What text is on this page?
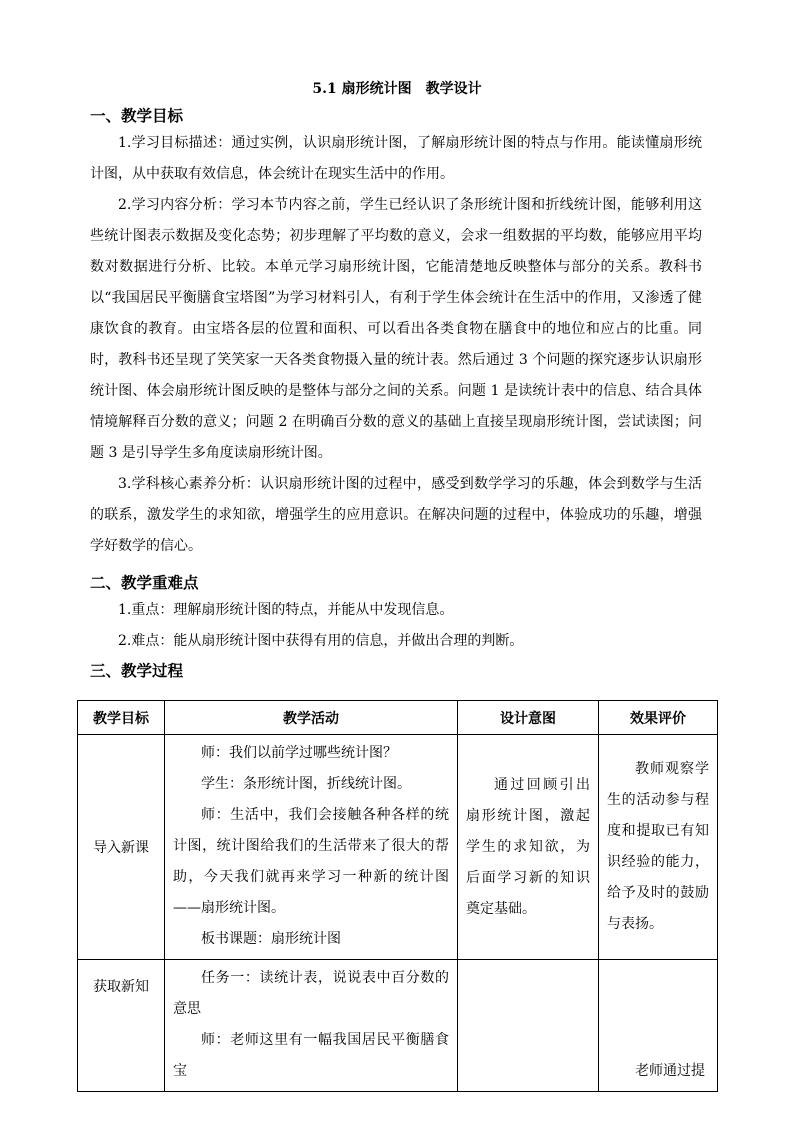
5.1 扇形统计图　教学设计
一、教学目标

1.学习目标描述：通过实例，认识扇形统计图，了解扇形统计图的特点与作用。能读懂扇形统计图，从中获取有效信息，体会统计在现实生活中的作用。

2.学习内容分析：学习本节内容之前，学生已经认识了条形统计图和折线统计图，能够利用这些统计图表示数据及变化态势；初步理解了平均数的意义，会求一组数据的平均数，能够应用平均数对数据进行分析、比较。本单元学习扇形统计图，它能清楚地反映整体与部分的关系。教科书以“我国居民平衡膳食宝塔图”为学习材料引人，有利于学生体会统计在生活中的作用，又渗透了健康饮食的教育。由宝塔各层的位置和面积、可以看出各类食物在膳食中的地位和应占的比重。同时，教科书还呈现了笑笑家一天各类食物摄入量的统计表。然后通过 3 个问题的探究逐步认识扇形统计图、体会扇形统计图反映的是整体与部分之间的关系。问题 1 是读统计表中的信息、结合具体情境解释百分数的意义；问题 2 在明确百分数的意义的基础上直接呈现扇形统计图，尝试读图；问题 3 是引导学生多角度读扇形统计图。

3.学科核心素养分析：认识扇形统计图的过程中，感受到数学学习的乐趣，体会到数学与生活的联系，激发学生的求知欲，增强学生的应用意识。在解决问题的过程中，体验成功的乐趣，增强学好数学的信心。

二、教学重难点

1.重点：理解扇形统计图的特点，并能从中发现信息。

2.难点：能从扇形统计图中获得有用的信息，并做出合理的判断。

三、教学过程
教学目标	教学活动	设计意图	效果评价
导入新课	师：我们以前学过哪些统计图？

学生：条形统计图，折线统计图。

师：生活中，我们会接触各种各样的统计图，统计图给我们的生活带来了很大的帮助，今天我们就再来学习一种新的统计图——扇形统计图。

板书课题：扇形统计图	通过回顾引出扇形统计图，激起学生的求知欲，为后面学习新的知识奠定基础。	教师观察学生的活动参与程度和提取已有知识经验的能力，给予及时的鼓励与表扬。

获取新知	任务一：读统计表，说说表中百分数的意思

师：老师这里有一幅我国居民平衡膳食宝		老师通过提
